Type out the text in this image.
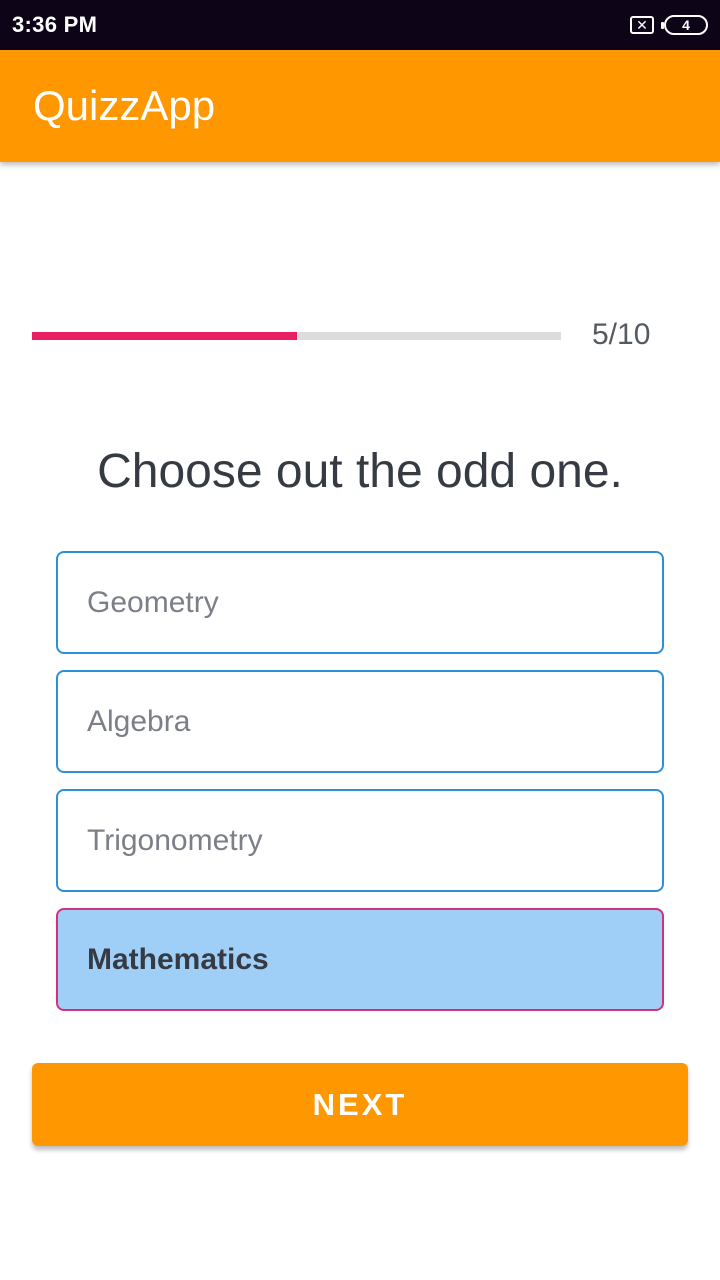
3:36 PM	✕	4
QuizzApp
5/10
Choose out the odd one.
Geometry
Algebra
Trigonometry
Mathematics
NEXT
